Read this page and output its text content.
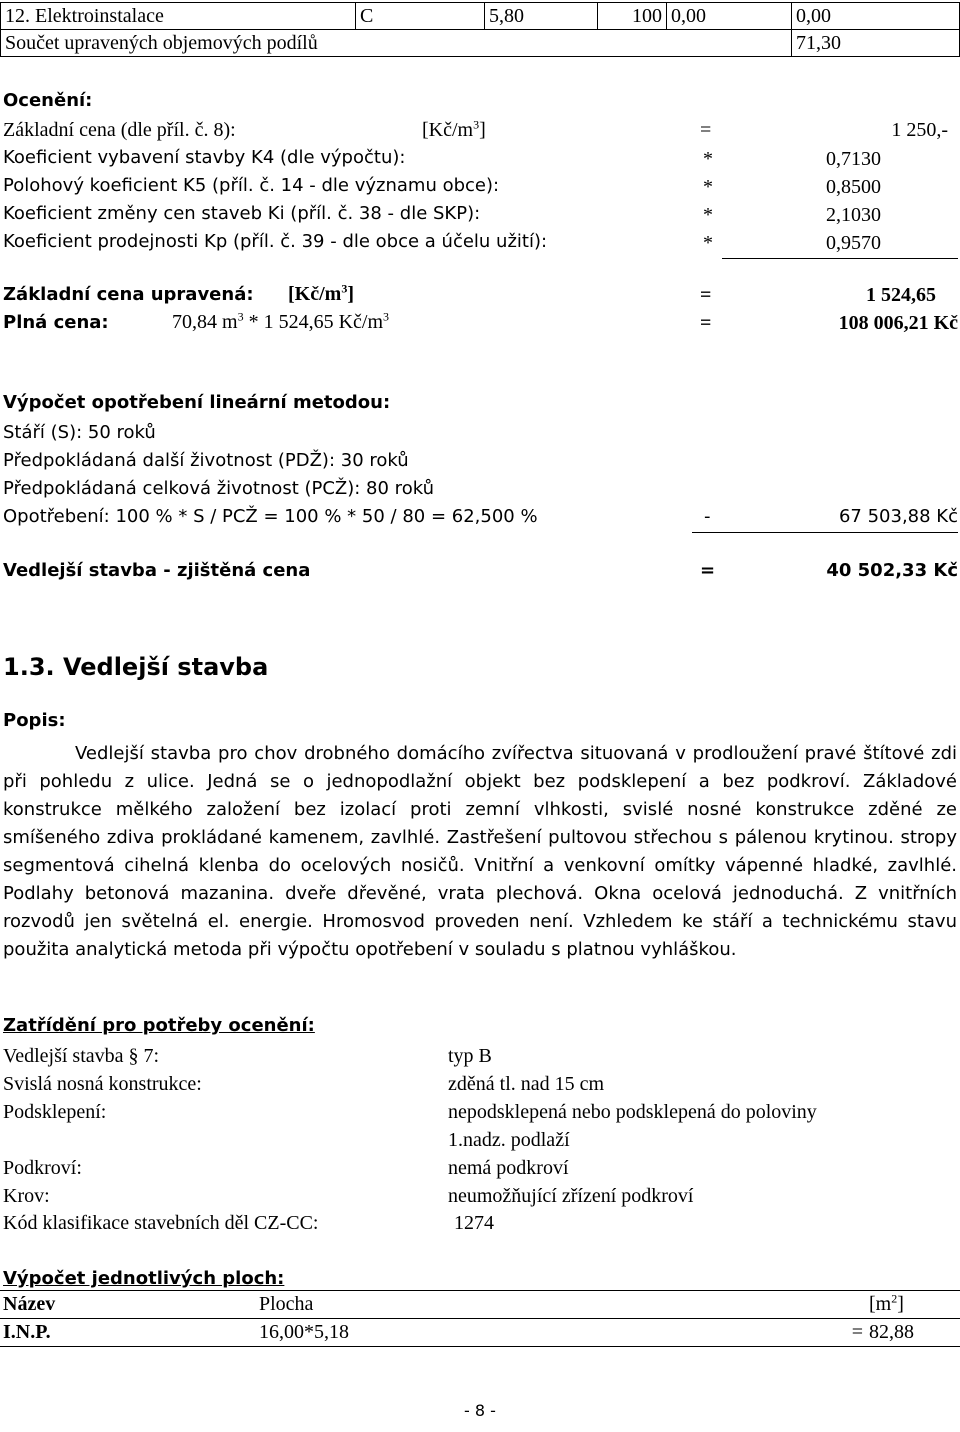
12. Elektroinstalace	C	5,80	100	0,00	0,00
Součet upravených objemových podílů					71,30
Ocenění:
Základní cena (dle příl. č. 8):	$[Kč/m^3]$	=	1 250,-
Koeficient vybavení stavby K4 (dle výpočtu):	*	0,7130
Polohový koeficient K5 (příl. č. 14 - dle významu obce):	*	0,8500
Koeficient změny cen staveb Ki (příl. č. 38 - dle SKP):	*	2,1030
Koeficient prodejnosti Kp (příl. č. 39 - dle obce a účelu užití):	*	0,9570
Základní cena upravená: $[Kč/m^3]$	=	1 524,65
Plná cena:	70,84 $m^3 * 1$ 524,65 $Kč/m^3$	=	108 006,21 Kč
Výpočet opotřebení lineární metodou:
Stáří (S): 50 roků
Předpokládaná další životnost (PDŽ): 30 roků
Předpokládaná celková životnost (PCŽ): 80 roků
Opotřebení: 100 % * S / PCŽ = 100 % * 50 / 80 = 62,500 %	-	67 503,88 Kč
Vedlejší stavba - zjištěná cena	=	40 502,33 Kč
1.3. Vedlejší stavba
Popis:
Vedlejší stavba pro chov drobného domácího zvířectva situovaná v prodloužení pravé štítové zdi při pohledu z ulice. Jedná se o jednopodlažní objekt bez podsklepení a bez podkroví. Základové konstrukce mělkého založení bez izolací proti zemní vlhkosti, svislé nosné konstrukce zděné ze smíšeného zdiva prokládané kamenem, zavlhlé. Zastřešení pultovou střechou s pálenou krytinou. stropy segmentová cihelná klenba do ocelových nosičů. Vnitřní a venkovní omítky vápenné hladké, zavlhlé. Podlahy betonová mazanina. dveře dřevěné, vrata plechová. Okna ocelová jednoduchá. Z vnitřních rozvodů jen světelná el. energie. Hromosvod proveden není. Vzhledem ke stáří a technickému stavu použita analytická metoda při výpočtu opotřebení v souladu s platnou vyhláškou.
Zatřídění pro potřeby ocenění:
Vedlejší stavba § 7:	typ B
Svislá nosná konstrukce:	zděná tl. nad 15 cm
Podsklepení:	nepodsklepená nebo podsklepená do poloviny
1.nadz. podlaží
Podkroví:	nemá podkroví
Krov:	neumožňující zřízení podkroví
Kód klasifikace stavebních děl CZ-CC:	1274
Výpočet jednotlivých ploch:
Název	Plocha		$[m^2]$
I.N.P.	16,00*5,18	=	82,88
- 8 -
